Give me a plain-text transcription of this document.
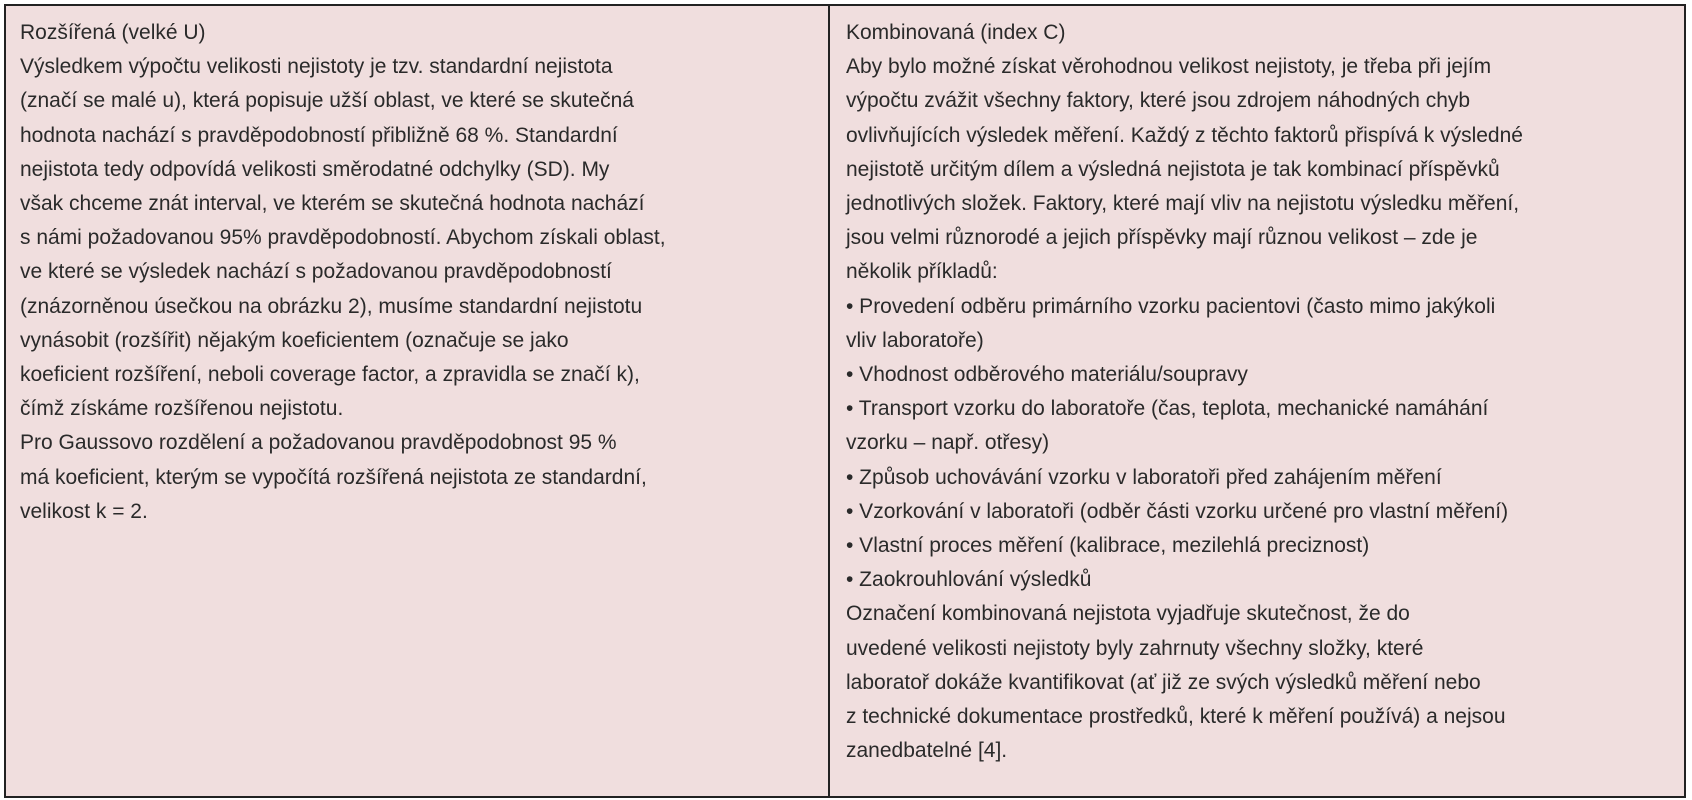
Rozšířená (velké U)
Výsledkem výpočtu velikosti nejistoty je tzv. standardní nejistota
(značí se malé u), která popisuje užší oblast, ve které se skutečná
hodnota nachází s pravděpodobností přibližně 68 %. Standardní
nejistota tedy odpovídá velikosti směrodatné odchylky (SD). My
však chceme znát interval, ve kterém se skutečná hodnota nachází
s námi požadovanou 95% pravděpodobností. Abychom získali oblast,
ve které se výsledek nachází s požadovanou pravděpodobností
(znázorněnou úsečkou na obrázku 2), musíme standardní nejistotu
vynásobit (rozšířit) nějakým koeficientem (označuje se jako
koeficient rozšíření, neboli coverage factor, a zpravidla se značí k),
čímž získáme rozšířenou nejistotu.
Pro Gaussovo rozdělení a požadovanou pravděpodobnost 95 %
má koeficient, kterým se vypočítá rozšířená nejistota ze standardní,
velikost k = 2.
Kombinovaná (index C)
Aby bylo možné získat věrohodnou velikost nejistoty, je třeba při jejím
výpočtu zvážit všechny faktory, které jsou zdrojem náhodných chyb
ovlivňujících výsledek měření. Každý z těchto faktorů přispívá k výsledné
nejistotě určitým dílem a výsledná nejistota je tak kombinací příspěvků
jednotlivých složek. Faktory, které mají vliv na nejistotu výsledku měření,
jsou velmi různorodé a jejich příspěvky mají různou velikost – zde je
několik příkladů:
• Provedení odběru primárního vzorku pacientovi (často mimo jakýkoli
vliv laboratoře)
• Vhodnost odběrového materiálu/soupravy
• Transport vzorku do laboratoře (čas, teplota, mechanické namáhání
vzorku – např. otřesy)
• Způsob uchovávání vzorku v laboratoři před zahájením měření
• Vzorkování v laboratoři (odběr části vzorku určené pro vlastní měření)
• Vlastní proces měření (kalibrace, mezilehlá preciznost)
• Zaokrouhlování výsledků
Označení kombinovaná nejistota vyjadřuje skutečnost, že do
uvedené velikosti nejistoty byly zahrnuty všechny složky, které
laboratoř dokáže kvantifikovat (ať již ze svých výsledků měření nebo
z technické dokumentace prostředků, které k měření používá) a nejsou
zanedbatelné [4].
